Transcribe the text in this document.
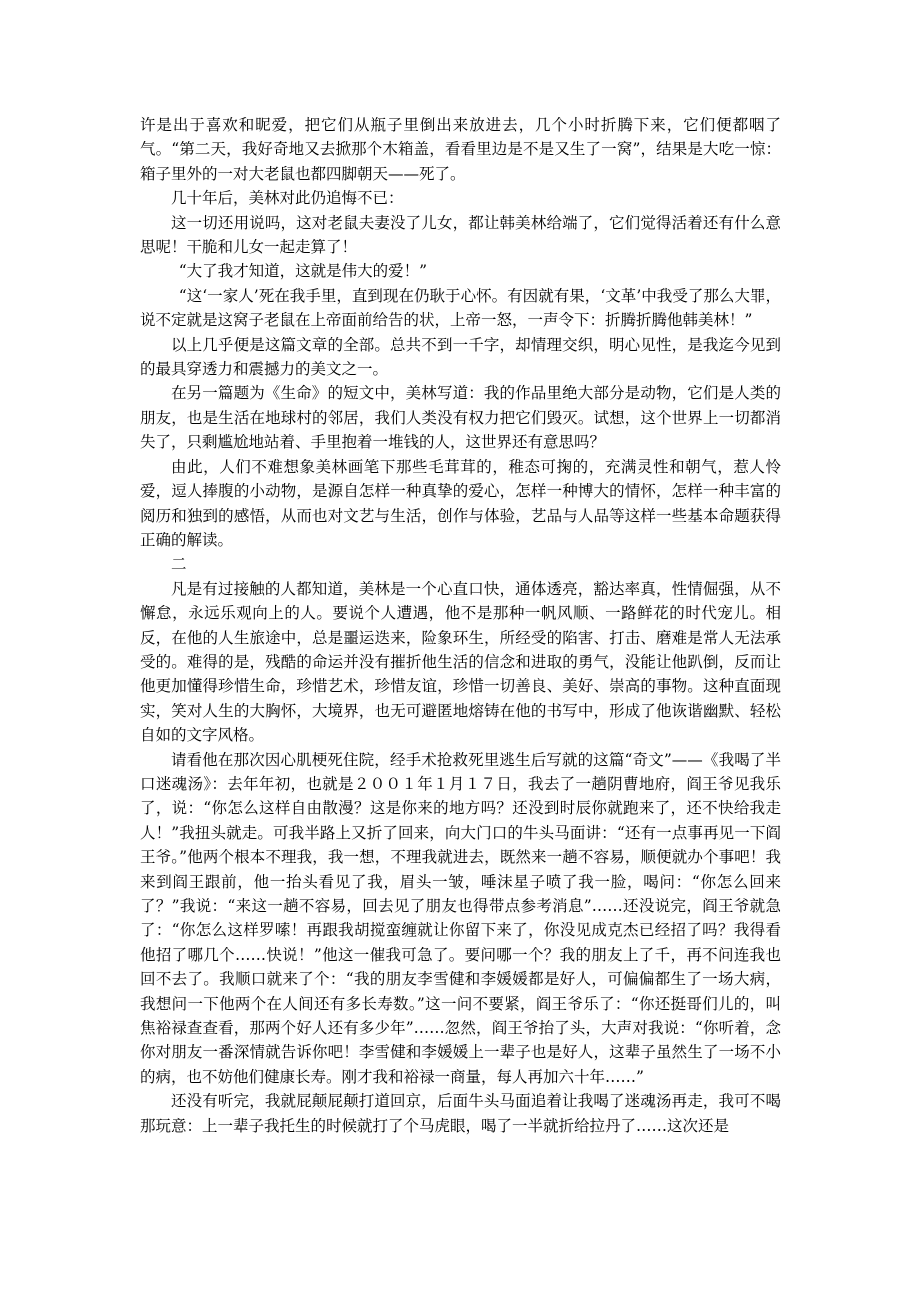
许是出于喜欢和昵爱，把它们从瓶子里倒出来放进去，几个小时折腾下来，它们便都咽了气。“第二天，我好奇地又去掀那个木箱盖，看看里边是不是又生了一窝”，结果是大吃一惊：箱子里外的一对大老鼠也都四脚朝天——死了。

几十年后，美林对此仍追悔不已：

这一切还用说吗，这对老鼠夫妻没了儿女，都让韩美林给端了，它们觉得活着还有什么意思呢！干脆和儿女一起走算了！

“大了我才知道，这就是伟大的爱！”

“这‘一家人’死在我手里，直到现在仍耿于心怀。有因就有果，‘文革’中我受了那么大罪，说不定就是这窝子老鼠在上帝面前给告的状，上帝一怒，一声令下：折腾折腾他韩美林！”

以上几乎便是这篇文章的全部。总共不到一千字，却情理交织，明心见性，是我迄今见到的最具穿透力和震撼力的美文之一。

在另一篇题为《生命》的短文中，美林写道：我的作品里绝大部分是动物，它们是人类的朋友，也是生活在地球村的邻居，我们人类没有权力把它们毁灭。试想，这个世界上一切都消失了，只剩尴尬地站着、手里抱着一堆钱的人，这世界还有意思吗？

由此，人们不难想象美林画笔下那些毛茸茸的，稚态可掬的，充满灵性和朝气，惹人怜爱，逗人捧腹的小动物，是源自怎样一种真挚的爱心，怎样一种博大的情怀，怎样一种丰富的阅历和独到的感悟，从而也对文艺与生活，创作与体验，艺品与人品等这样一些基本命题获得正确的解读。

二

凡是有过接触的人都知道，美林是一个心直口快，通体透亮，豁达率真，性情倔强，从不懈怠，永远乐观向上的人。要说个人遭遇，他不是那种一帆风顺、一路鲜花的时代宠儿。相反，在他的人生旅途中，总是噩运迭来，险象环生，所经受的陷害、打击、磨难是常人无法承受的。难得的是，残酷的命运并没有摧折他生活的信念和进取的勇气，没能让他趴倒，反而让他更加懂得珍惜生命，珍惜艺术，珍惜友谊，珍惜一切善良、美好、崇高的事物。这种直面现实，笑对人生的大胸怀，大境界，也无可避匿地熔铸在他的书写中，形成了他诙谐幽默、轻松自如的文字风格。

请看他在那次因心肌梗死住院，经手术抢救死里逃生后写就的这篇“奇文”——《我喝了半口迷魂汤》：去年年初，也就是２００１年１月１７日，我去了一趟阴曹地府，阎王爷见我乐了，说：“你怎么这样自由散漫？这是你来的地方吗？还没到时辰你就跑来了，还不快给我走人！”我扭头就走。可我半路上又折了回来，向大门口的牛头马面讲：“还有一点事再见一下阎王爷。”他两个根本不理我，我一想，不理我就进去，既然来一趟不容易，顺便就办个事吧！我来到阎王跟前，他一抬头看见了我，眉头一皱，唾沫星子喷了我一脸，喝问：“你怎么回来了？”我说：“来这一趟不容易，回去见了朋友也得带点参考消息”……还没说完，阎王爷就急了：“你怎么这样罗嗦！再跟我胡搅蛮缠就让你留下来了，你没见成克杰已经招了吗？我得看他招了哪几个……快说！”他这一催我可急了。要问哪一个？我的朋友上了千，再不问连我也回不去了。我顺口就来了个：“我的朋友李雪健和李媛媛都是好人，可偏偏都生了一场大病，我想问一下他两个在人间还有多长寿数。”这一问不要紧，阎王爷乐了：“你还挺哥们儿的，叫焦裕禄查查看，那两个好人还有多少年”……忽然，阎王爷抬了头，大声对我说：“你听着，念你对朋友一番深情就告诉你吧！李雪健和李媛媛上一辈子也是好人，这辈子虽然生了一场不小的病，也不妨他们健康长寿。刚才我和裕禄一商量，每人再加六十年……”

还没有听完，我就屁颠屁颠打道回京，后面牛头马面追着让我喝了迷魂汤再走，我可不喝那玩意：上一辈子我托生的时候就打了个马虎眼，喝了一半就折给拉丹了……这次还是
